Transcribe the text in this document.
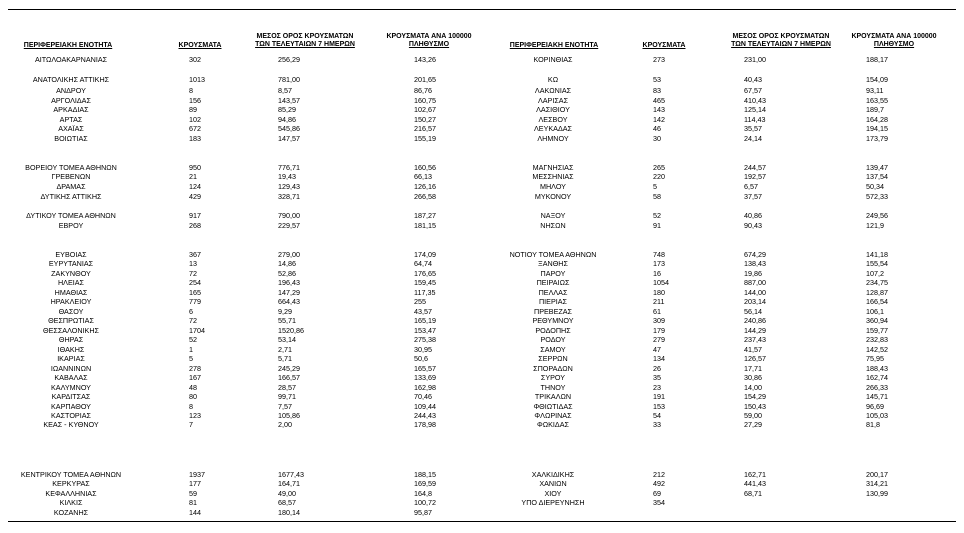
ΠΕΡΙΦΕΡΕΙΑΚΗ ΕΝΟΤΗΤΑ	ΚΡΟΥΣΜΑΤΑ
ΜΕΣΟΣ ΟΡΟΣ ΚΡΟΥΣΜΑΤΩΝ
ΤΩΝ ΤΕΛΕΥΤΑΙΩΝ 7 ΗΜΕΡΩΝ
ΚΡΟΥΣΜΑΤΑ ΑΝΑ 100000
ΠΛΗΘΥΣΜΟ	ΠΕΡΙΦΕΡΕΙΑΚΗ ΕΝΟΤΗΤΑ	ΚΡΟΥΣΜΑΤΑ
ΜΕΣΟΣ ΟΡΟΣ ΚΡΟΥΣΜΑΤΩΝ
ΤΩΝ ΤΕΛΕΥΤΑΙΩΝ 7 ΗΜΕΡΩΝ
ΚΡΟΥΣΜΑΤΑ ΑΝΑ 100000
ΠΛΗΘΥΣΜΟ
ΑΙΤΩΛΟΑΚΑΡΝΑΝΙΑΣ	302	256,29	143,26
ΑΝΑΤΟΛΙΚΗΣ ΑΤΤΙΚΗΣ	1013	781,00	201,65
ΑΝΔΡΟΥ	8	8,57	86,76
ΑΡΓΟΛΙΔΑΣ	156	143,57	160,75
ΑΡΚΑΔΙΑΣ	89	85,29	102,67
ΑΡΤΑΣ	102	94,86	150,27
ΑΧΑΪΑΣ	672	545,86	216,57
ΒΟΙΩΤΙΑΣ	183	147,57	155,19
ΒΟΡΕΙΟΥ ΤΟΜΕΑ ΑΘΗΝΩΝ	950	776,71	160,56
ΓΡΕΒΕΝΩΝ	21	19,43	66,13
ΔΡΑΜΑΣ	124	129,43	126,16
ΔΥΤΙΚΗΣ ΑΤΤΙΚΗΣ	429	328,71	266,58
ΔΥΤΙΚΟΥ ΤΟΜΕΑ ΑΘΗΝΩΝ	917	790,00	187,27
ΕΒΡΟΥ	268	229,57	181,15
ΕΥΒΟΙΑΣ	367	279,00	174,09
ΕΥΡΥΤΑΝΙΑΣ	13	14,86	64,74
ΖΑΚΥΝΘΟΥ	72	52,86	176,65
ΗΛΕΙΑΣ	254	196,43	159,45
ΗΜΑΘΙΑΣ	165	147,29	117,35
ΗΡΑΚΛΕΙΟΥ	779	664,43	255
ΘΑΣΟΥ	6	9,29	43,57
ΘΕΣΠΡΩΤΙΑΣ	72	55,71	165,19
ΘΕΣΣΑΛΟΝΙΚΗΣ	1704	1520,86	153,47
ΘΗΡΑΣ	52	53,14	275,38
ΙΘΑΚΗΣ	1	2,71	30,95
ΙΚΑΡΙΑΣ	5	5,71	50,6
ΙΩΑΝΝΙΝΩΝ	278	245,29	165,57
ΚΑΒΑΛΑΣ	167	166,57	133,69
ΚΑΛΥΜΝΟΥ	48	28,57	162,98
ΚΑΡΔΙΤΣΑΣ	80	99,71	70,46
ΚΑΡΠΑΘΟΥ	8	7,57	109,44
ΚΑΣΤΟΡΙΑΣ	123	105,86	244,43
ΚΕΑΣ - ΚΥΘΝΟΥ	7	2,00	178,98
ΚΕΝΤΡΙΚΟΥ ΤΟΜΕΑ ΑΘΗΝΩΝ	1937	1677,43	188,15
ΚΕΡΚΥΡΑΣ	177	164,71	169,59
ΚΕΦΑΛΛΗΝΙΑΣ	59	49,00	164,8
ΚΙΛΚΙΣ	81	68,57	100,72
ΚΟΖΑΝΗΣ	144	180,14	95,87
ΚΟΡΙΝΘΙΑΣ	273	231,00	188,17
ΚΩ	53	40,43	154,09
ΛΑΚΩΝΙΑΣ	83	67,57	93,11
ΛΑΡΙΣΑΣ	465	410,43	163,55
ΛΑΣΙΘΙΟΥ	143	125,14	189,7
ΛΕΣΒΟΥ	142	114,43	164,28
ΛΕΥΚΑΔΑΣ	46	35,57	194,15
ΛΗΜΝΟΥ	30	24,14	173,79
ΜΑΓΝΗΣΙΑΣ	265	244,57	139,47
ΜΕΣΣΗΝΙΑΣ	220	192,57	137,54
ΜΗΛΟΥ	5	6,57	50,34
ΜΥΚΟΝΟΥ	58	37,57	572,33
ΝΑΞΟΥ	52	40,86	249,56
ΝΗΣΩΝ	91	90,43	121,9
ΝΟΤΙΟΥ ΤΟΜΕΑ ΑΘΗΝΩΝ	748	674,29	141,18
ΞΑΝΘΗΣ	173	138,43	155,54
ΠΑΡΟΥ	16	19,86	107,2
ΠΕΙΡΑΙΩΣ	1054	887,00	234,75
ΠΕΛΛΑΣ	180	144,00	128,87
ΠΙΕΡΙΑΣ	211	203,14	166,54
ΠΡΕΒΕΖΑΣ	61	56,14	106,1
ΡΕΘΥΜΝΟΥ	309	240,86	360,94
ΡΟΔΟΠΗΣ	179	144,29	159,77
ΡΟΔΟΥ	279	237,43	232,83
ΣΑΜΟΥ	47	41,57	142,52
ΣΕΡΡΩΝ	134	126,57	75,95
ΣΠΟΡΑΔΩΝ	26	17,71	188,43
ΣΥΡΟΥ	35	30,86	162,74
ΤΗΝΟΥ	23	14,00	266,33
ΤΡΙΚΑΛΩΝ	191	154,29	145,71
ΦΘΙΩΤΙΔΑΣ	153	150,43	96,69
ΦΛΩΡΙΝΑΣ	54	59,00	105,03
ΦΩΚΙΔΑΣ	33	27,29	81,8
ΧΑΛΚΙΔΙΚΗΣ	212	162,71	200,17
ΧΑΝΙΩΝ	492	441,43	314,21
ΧΙΟΥ	69	68,71	130,99
ΥΠΟ ΔΙΕΡΕΥΝΗΣΗ	354
